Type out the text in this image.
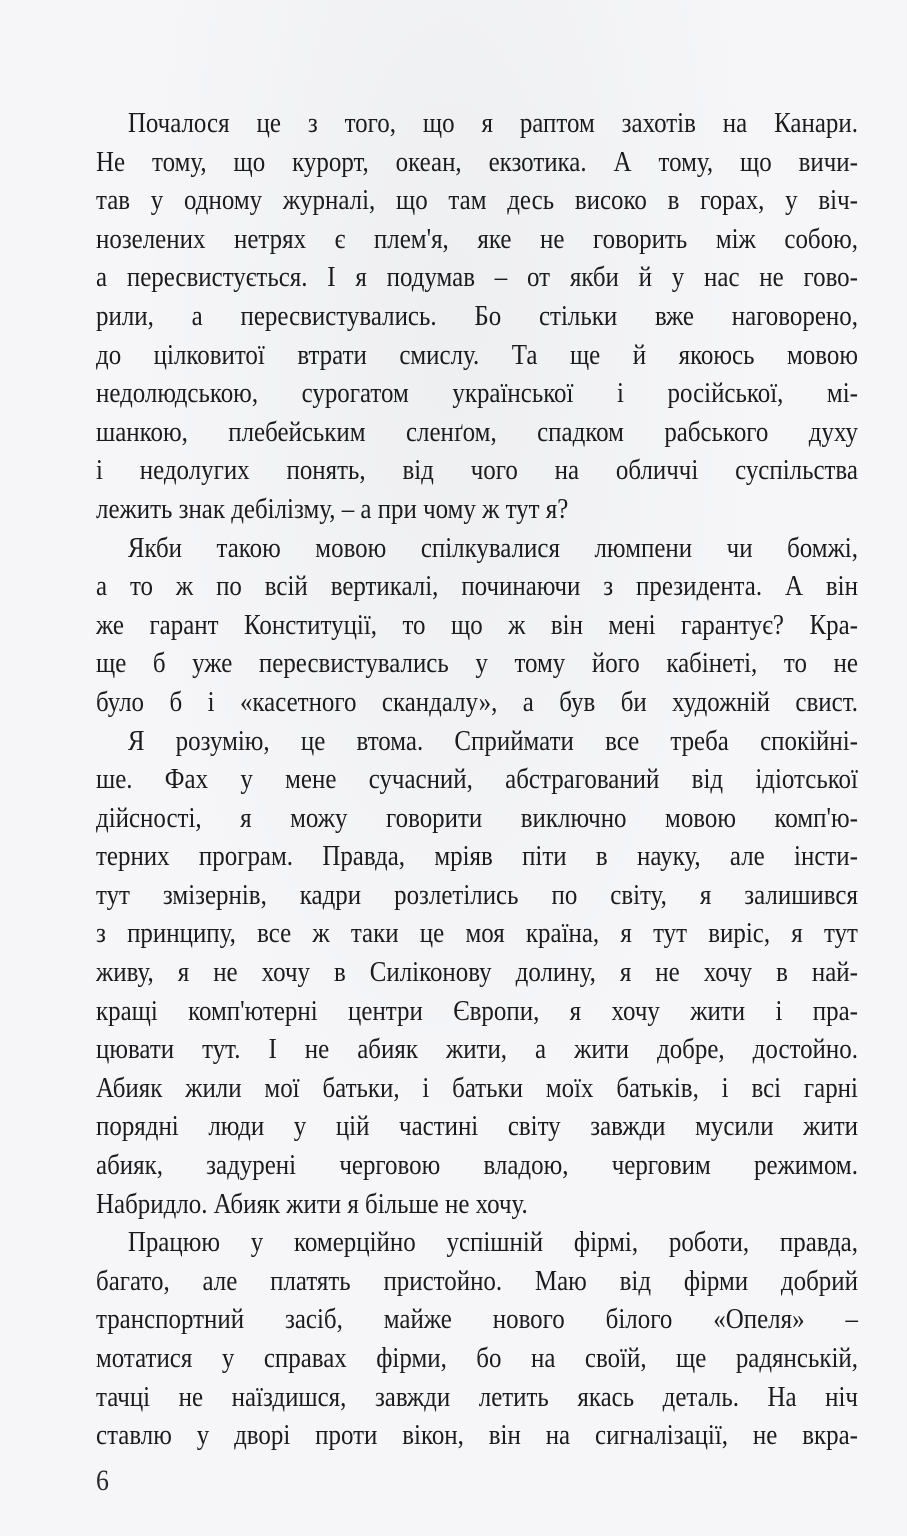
Почалося це з того, що я раптом захотів на Канари.
Не тому, що курорт, океан, екзотика. А тому, що вичи-
тав у одному журналі, що там десь високо в горах, у віч-
нозелених нетрях є плем'я, яке не говорить між собою,
а пересвистується. І я подумав – от якби й у нас не гово-
рили, а пересвистувались. Бо стільки вже наговорено,
до цілковитої втрати смислу. Та ще й якоюсь мовою
недолюдською, сурогатом української і російської, мі-
шанкою, плебейським сленґом, спадком рабського духу
і недолугих понять, від чого на обличчі суспільства
лежить знак дебілізму, – а при чому ж тут я?
Якби такою мовою спілкувалися люмпени чи бомжі,
а то ж по всій вертикалі, починаючи з президента. А він
же гарант Конституції, то що ж він мені гарантує? Кра-
ще б уже пересвистувались у тому його кабінеті, то не
було б і «касетного скандалу», а був би художній свист.
Я розумію, це втома. Сприймати все треба спокійні-
ше. Фах у мене сучасний, абстрагований від ідіотської
дійсності, я можу говорити виключно мовою комп'ю-
терних програм. Правда, мріяв піти в науку, але інсти-
тут змізернів, кадри розлетілись по світу, я залишився
з принципу, все ж таки це моя країна, я тут виріс, я тут
живу, я не хочу в Силіконову долину, я не хочу в най-
кращі комп'ютерні центри Європи, я хочу жити і пра-
цювати тут. І не абияк жити, а жити добре, достойно.
Абияк жили мої батьки, і батьки моїх батьків, і всі гарні
порядні люди у цій частині світу завжди мусили жити
абияк, задурені черговою владою, черговим режимом.
Набридло. Абияк жити я більше не хочу.
Працюю у комерційно успішній фірмі, роботи, правда,
багато, але платять пристойно. Маю від фірми добрий
транспортний засіб, майже нового білого «Опеля» –
мотатися у справах фірми, бо на своїй, ще радянській,
тачці не наїздишся, завжди летить якась деталь. На ніч
ставлю у дворі проти вікон, він на сигналізації, не вкра-
6
